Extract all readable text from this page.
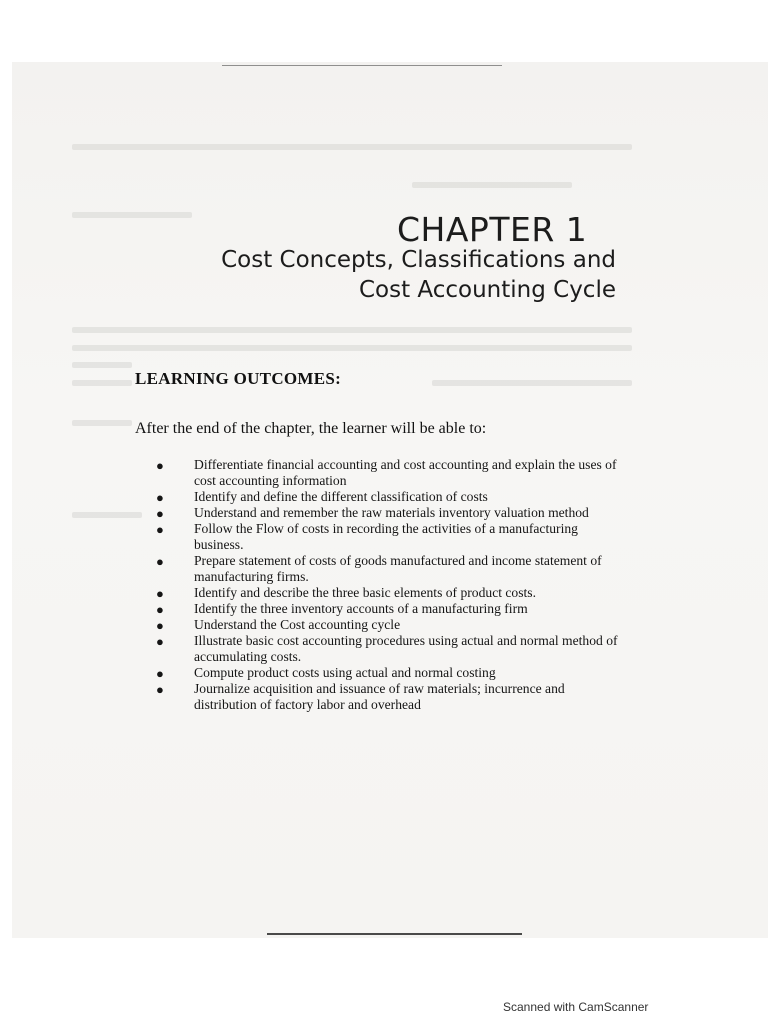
CHAPTER 1
Cost Concepts, Classifications and
Cost Accounting Cycle
LEARNING OUTCOMES:
After the end of the chapter, the learner will be able to:
● Differentiate financial accounting and cost accounting and explain the uses of cost accounting information
● Identify and define the different classification of costs
● Understand and remember the raw materials inventory valuation method
● Follow the Flow of costs in recording the activities of a manufacturing business.
● Prepare statement of costs of goods manufactured and income statement of manufacturing firms.
● Identify and describe the three basic elements of product costs.
● Identify the three inventory accounts of a manufacturing firm
● Understand the Cost accounting cycle
● Illustrate basic cost accounting procedures using actual and normal method of accumulating costs.
● Compute product costs using actual and normal costing
● Journalize acquisition and issuance of raw materials; incurrence and distribution of factory labor and overhead
Scanned with CamScanner
